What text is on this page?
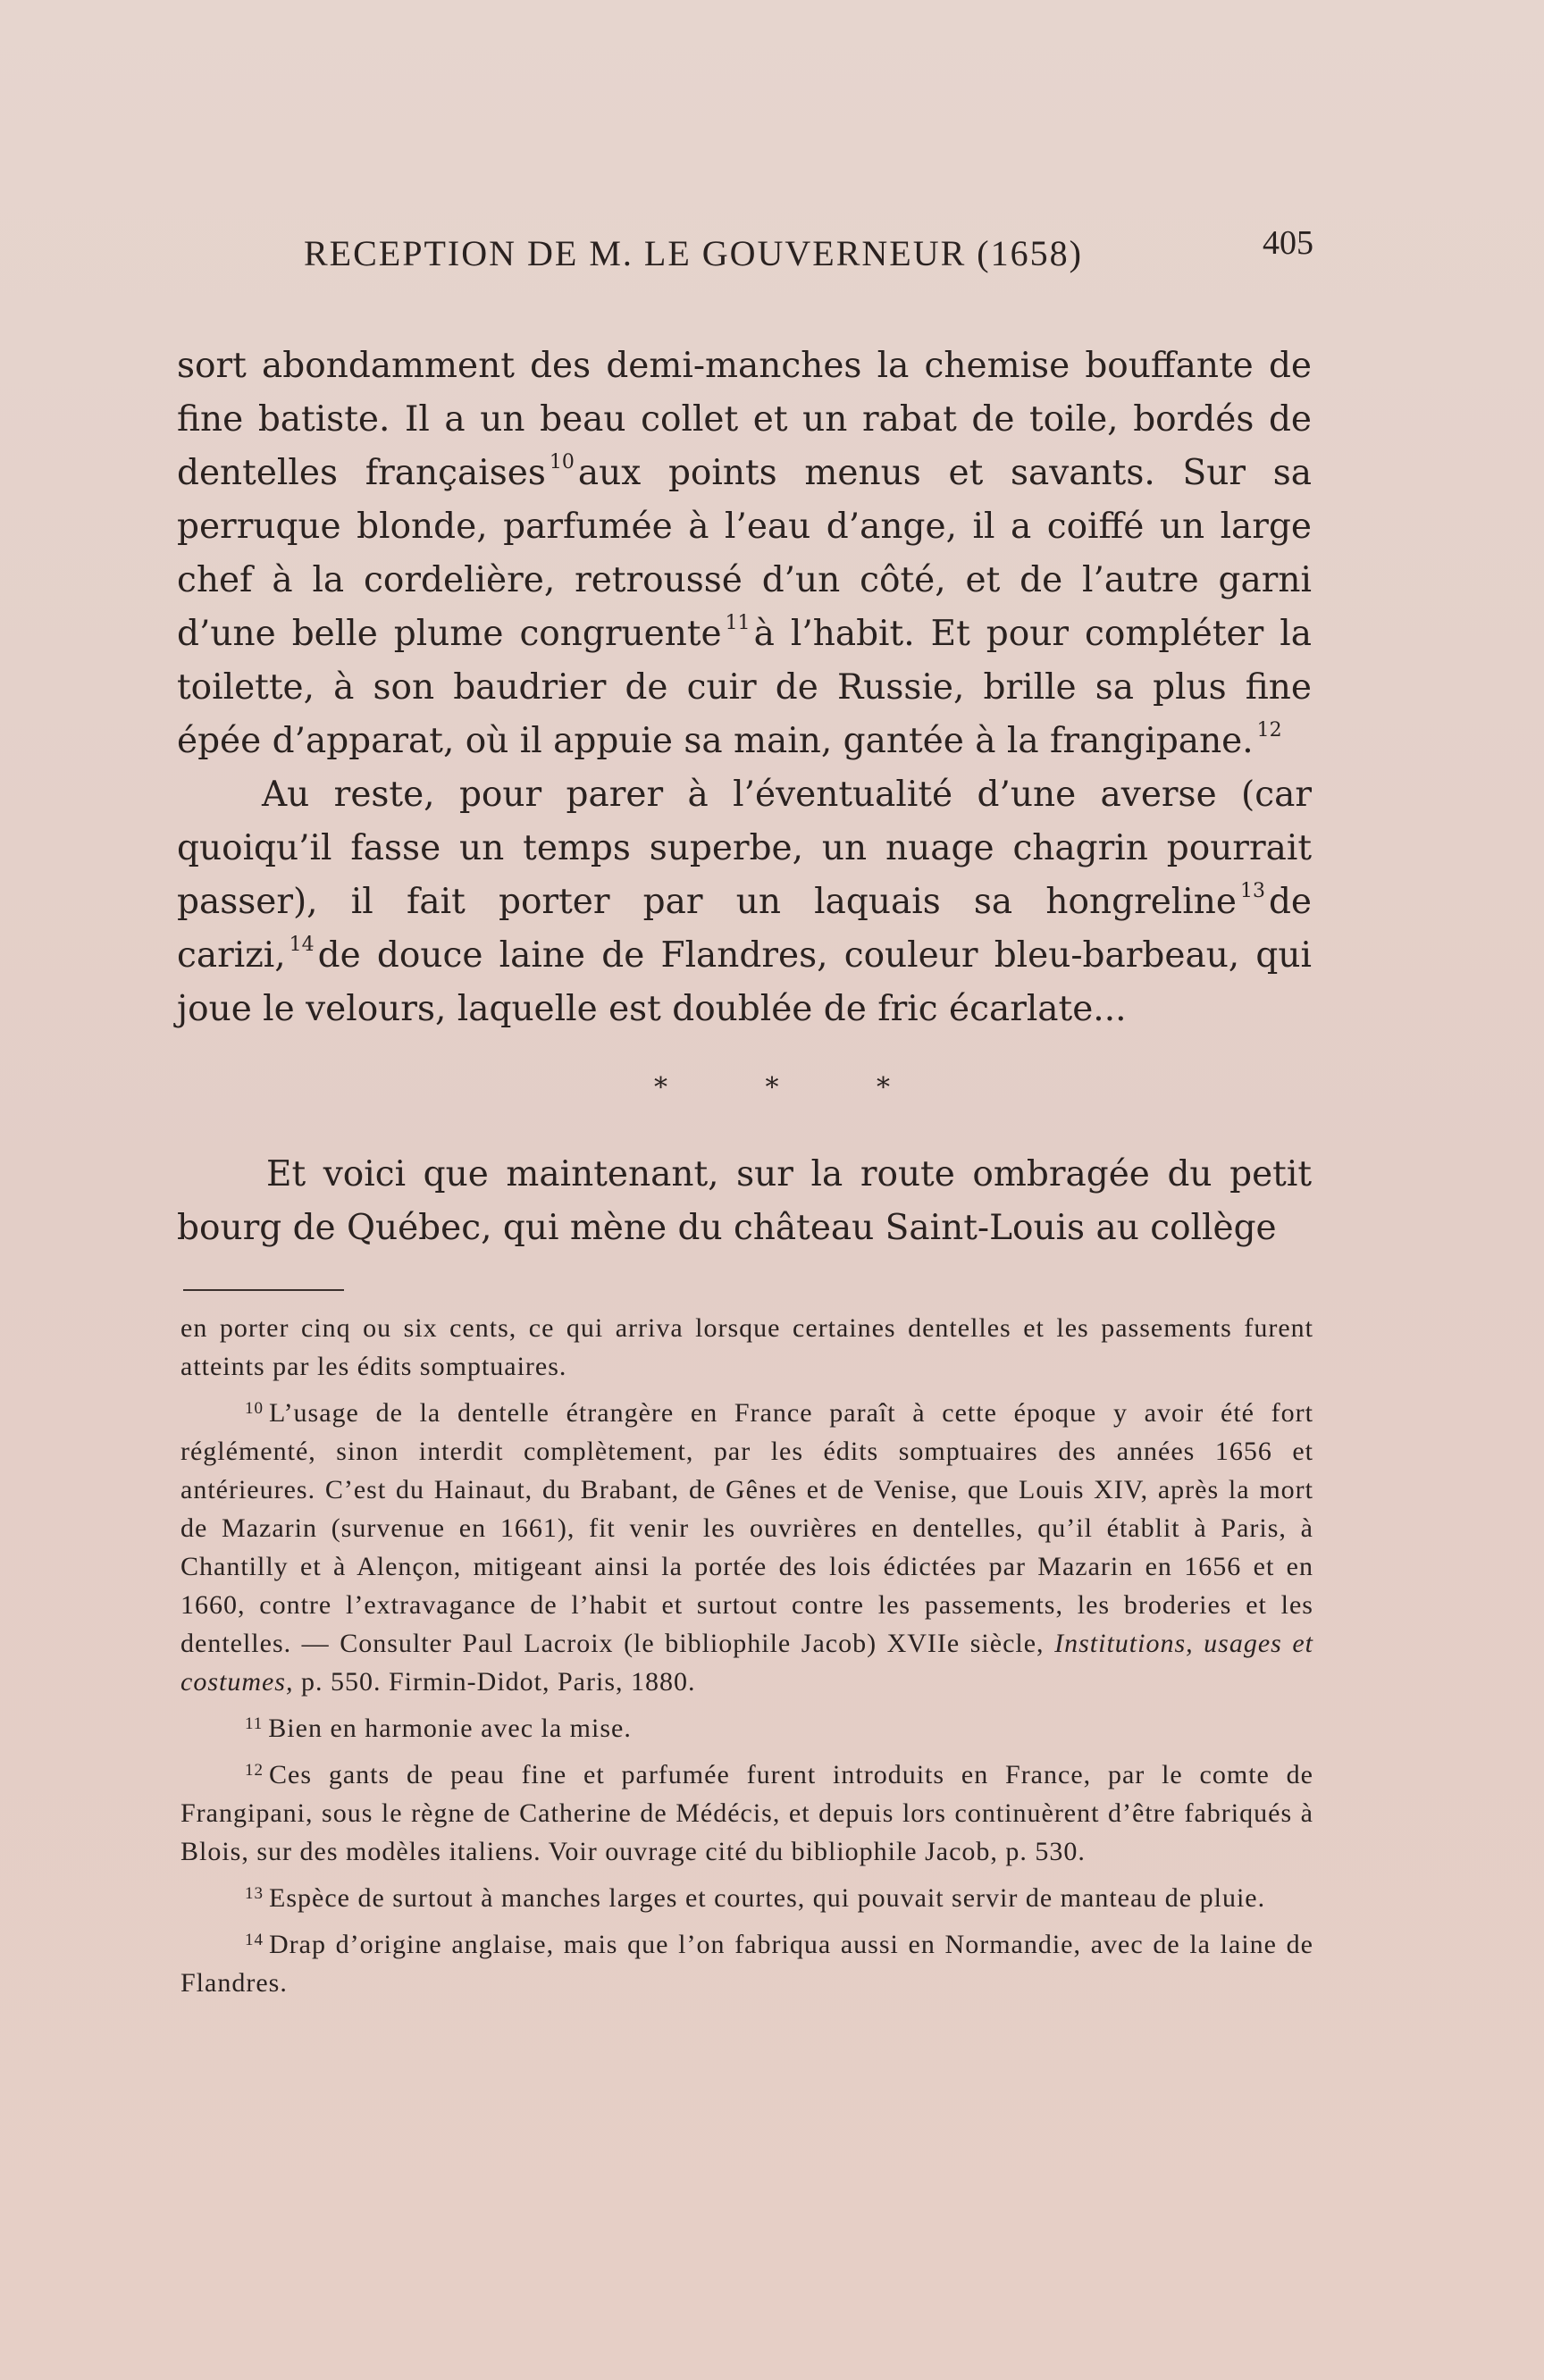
RECEPTION DE M. LE GOUVERNEUR (1658)	405

sort abondamment des demi-manches la chemise bouffante de fine batiste. Il a un beau collet et un rabat de toile, bordés de dentelles françaises $^{10}$ aux points menus et savants. Sur sa perruque blonde, parfumée à l’eau d’ange, il a coiffé un large chef à la cordelière, retroussé d’un côté, et de l’autre garni d’une belle plume congruente $^{11}$ à l’habit. Et pour compléter la toilette, à son baudrier de cuir de Russie, brille sa plus fine épée d’apparat, où il appuie sa main, gantée à la frangipane. $^{12}$

Au reste, pour parer à l’éventualité d’une averse (car quoiqu’il fasse un temps superbe, un nuage chagrin pourrait passer), il fait porter par un laquais sa hongreline $^{13}$ de carizi, $^{14}$ de douce laine de Flandres, couleur bleu-barbeau, qui joue le velours, laquelle est doublée de fric écarlate...

* * *

Et voici que maintenant, sur la route ombragée du petit bourg de Québec, qui mène du château Saint-Louis au collège

en porter cinq ou six cents, ce qui arriva lorsque certaines dentelles et les passements furent atteints par les édits somptuaires.

$^{10}$ L’usage de la dentelle étrangère en France paraît à cette époque y avoir été fort réglémenté, sinon interdit complètement, par les édits somptuaires des années 1656 et antérieures. C’est du Hainaut, du Brabant, de Gênes et de Venise, que Louis XIV, après la mort de Mazarin (survenue en 1661), fit venir les ouvrières en dentelles, qu’il établit à Paris, à Chantilly et à Alençon, mitigeant ainsi la portée des lois édictées par Mazarin en 1656 et en 1660, contre l’extravagance de l’habit et surtout contre les passements, les broderies et les dentelles. — Consulter Paul Lacroix (le bibliophile Jacob) XVIIe siècle, Institutions, usages et costumes, p. 550. Firmin-Didot, Paris, 1880.

$^{11}$ Bien en harmonie avec la mise.

$^{12}$ Ces gants de peau fine et parfumée furent introduits en France, par le comte de Frangipani, sous le règne de Catherine de Médécis, et depuis lors continuèrent d’être fabriqués à Blois, sur des modèles italiens. Voir ouvrage cité du bibliophile Jacob, p. 530.

$^{13}$ Espèce de surtout à manches larges et courtes, qui pouvait servir de manteau de pluie.

$^{14}$ Drap d’origine anglaise, mais que l’on fabriqua aussi en Normandie, avec de la laine de Flandres.
